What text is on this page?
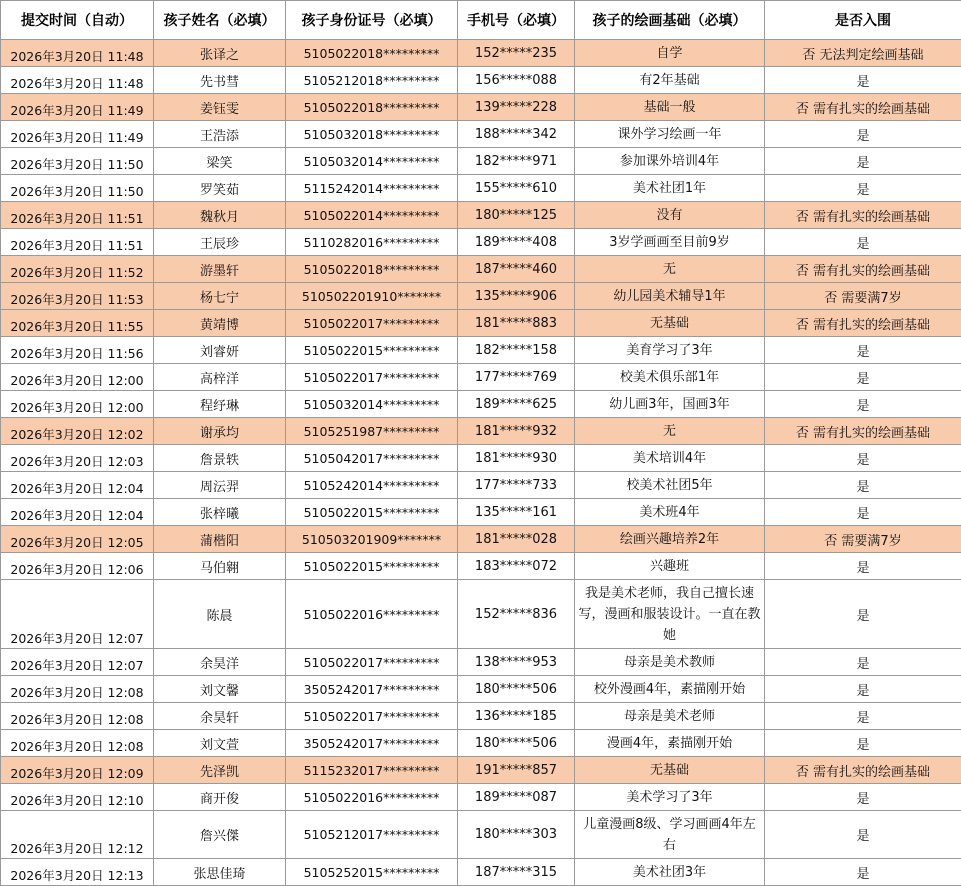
提交时间（自动）	孩子姓名（必填）	孩子身份证号（必填）	手机号（必填）	孩子的绘画基础（必填）	是否入围
2026年3月20日 11:48	张译之	5105022018*********	152*****235	自学	否 无法判定绘画基础
2026年3月20日 11:48	先书彗	5105212018*********	156*****088	有2年基础	是
2026年3月20日 11:49	姜钰雯	5105022018*********	139*****228	基础一般	否 需有扎实的绘画基础
2026年3月20日 11:49	王浩添	5105032018*********	188*****342	课外学习绘画一年	是
2026年3月20日 11:50	梁笑	5105032014*********	182*****971	参加课外培训4年	是
2026年3月20日 11:50	罗笑茹	5115242014*********	155*****610	美术社团1年	是
2026年3月20日 11:51	魏秋月	5105022014*********	180*****125	没有	否 需有扎实的绘画基础
2026年3月20日 11:51	王辰珍	5110282016*********	189*****408	3岁学画画至目前9岁	是
2026年3月20日 11:52	游墨轩	5105022018*********	187*****460	无	否 需有扎实的绘画基础
2026年3月20日 11:53	杨七宁	510502201910*******	135*****906	幼儿园美术辅导1年	否 需要满7岁
2026年3月20日 11:55	黄靖博	5105022017*********	181*****883	无基础	否 需有扎实的绘画基础
2026年3月20日 11:56	刘睿妍	5105022015*********	182*****158	美育学习了3年	是
2026年3月20日 12:00	高梓洋	5105022017*********	177*****769	校美术俱乐部1年	是
2026年3月20日 12:00	程纾琳	5105032014*********	189*****625	幼儿画3年，国画3年	是
2026年3月20日 12:02	谢承均	5105251987*********	181*****932	无	否 需有扎实的绘画基础
2026年3月20日 12:03	詹景轶	5105042017*********	181*****930	美术培训4年	是
2026年3月20日 12:04	周沄羿	5105242014*********	177*****733	校美术社团5年	是
2026年3月20日 12:04	张梓曦	5105022015*********	135*****161	美术班4年	是
2026年3月20日 12:05	蒲楷阳	510503201909*******	181*****028	绘画兴趣培养2年	否 需要满7岁
2026年3月20日 12:06	马伯翱	5105022015*********	183*****072	兴趣班	是
2026年3月20日 12:07	陈晨	5105022016*********	152*****836	我是美术老师，我自己擅长速写，漫画和服装设计。一直在教她	是
2026年3月20日 12:07	余昊洋	5105022017*********	138*****953	母亲是美术教师	是
2026年3月20日 12:08	刘文馨	3505242017*********	180*****506	校外漫画4年，素描刚开始	是
2026年3月20日 12:08	余昊轩	5105022017*********	136*****185	母亲是美术老师	是
2026年3月20日 12:08	刘文萱	3505242017*********	180*****506	漫画4年，素描刚开始	是
2026年3月20日 12:09	先泽凯	5115232017*********	191*****857	无基础	否 需有扎实的绘画基础
2026年3月20日 12:10	商开俊	5105022016*********	189*****087	美术学习了3年	是
2026年3月20日 12:12	詹兴傑	5105212017*********	180*****303	儿童漫画8级、学习画画4年左右	是
2026年3月20日 12:13	张思佳琦	5105252015*********	187*****315	美术社团3年	是
